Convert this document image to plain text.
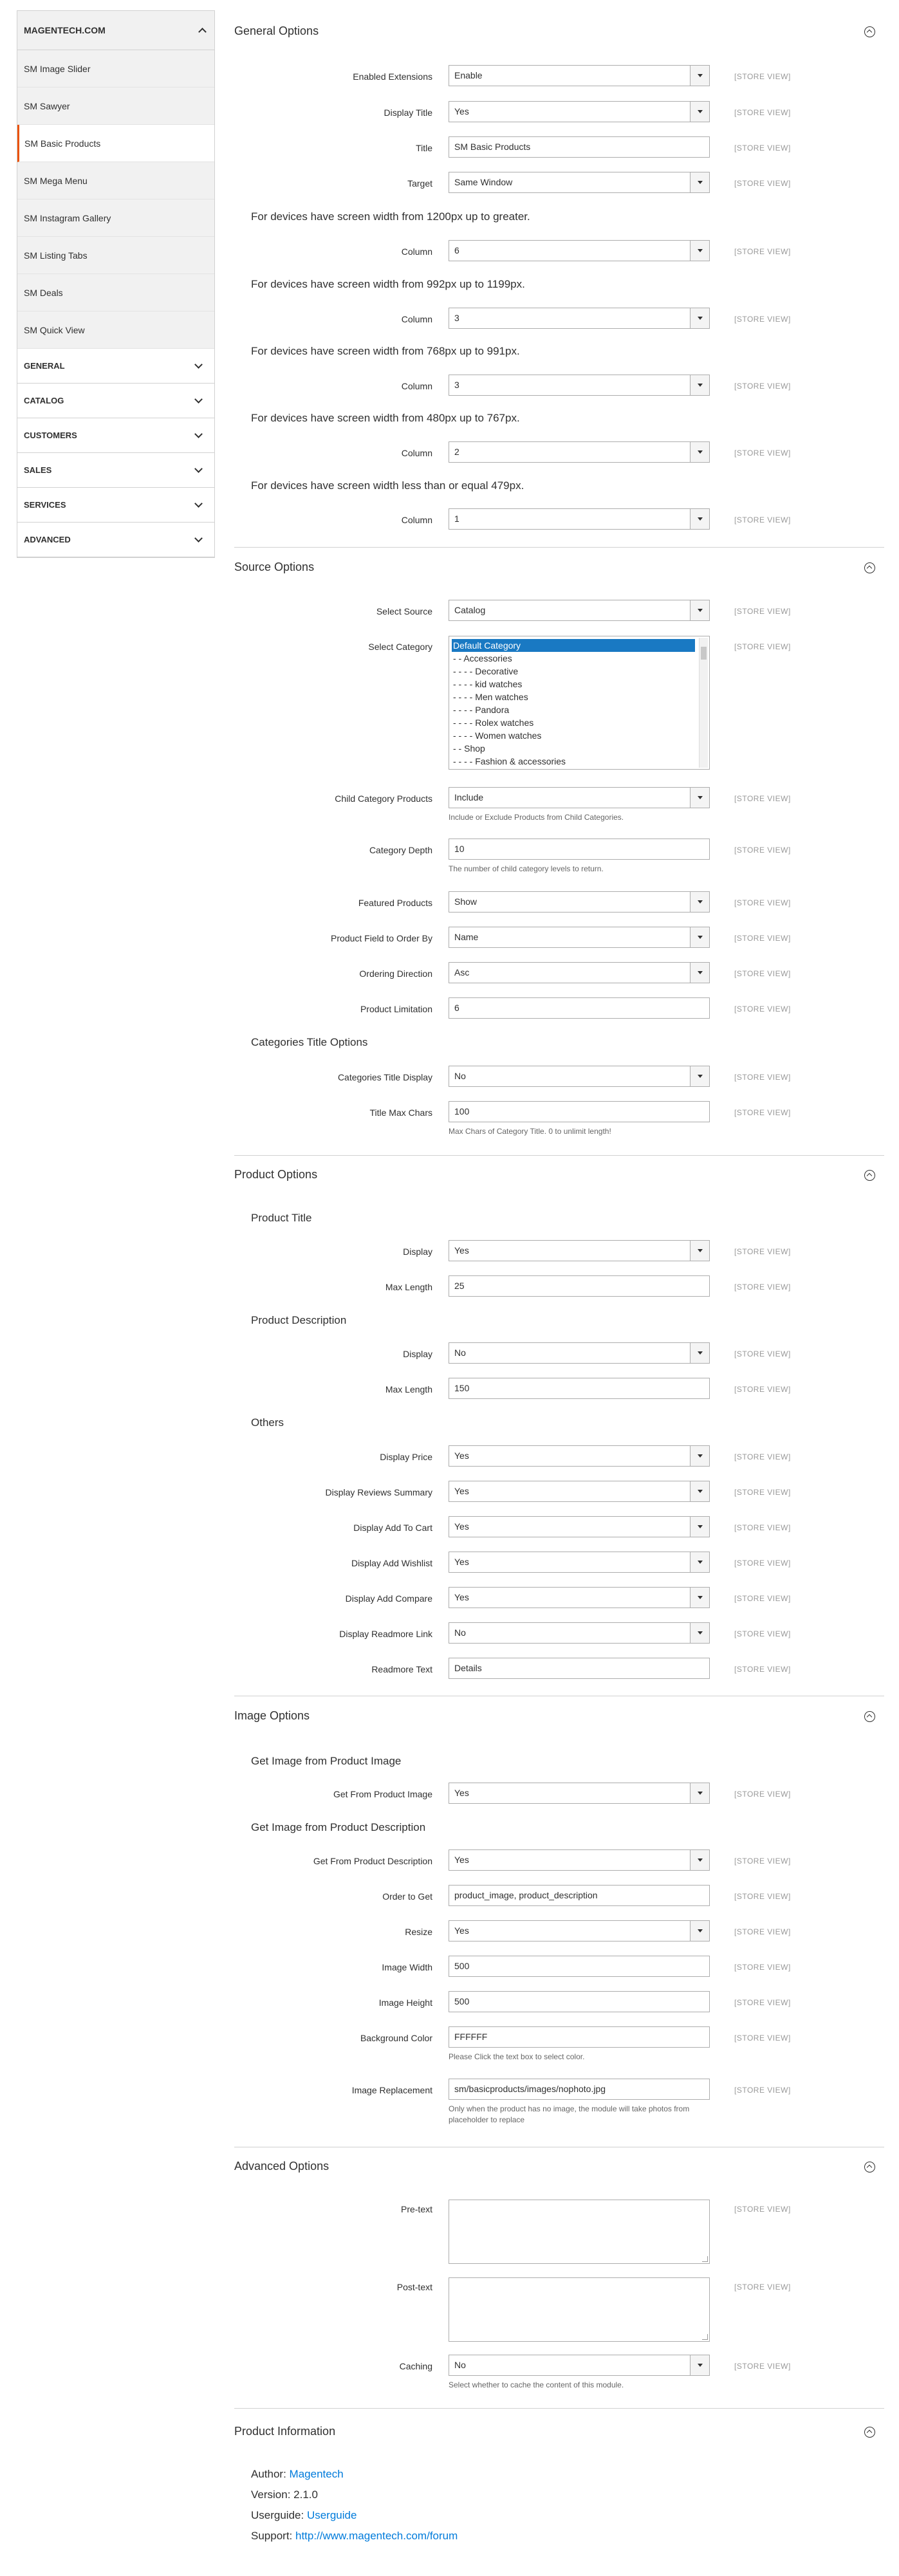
MAGENTECH.COM
SM Image Slider
SM Sawyer
SM Basic Products
SM Mega Menu
SM Instagram Gallery
SM Listing Tabs
SM Deals
SM Quick View
GENERAL
CATALOG
CUSTOMERS
SALES
SERVICES
ADVANCED
General Options
Enabled Extensions	Enable	[STORE VIEW]
Display Title	Yes	[STORE VIEW]
Title	SM Basic Products	[STORE VIEW]
Target	Same Window	[STORE VIEW]
For devices have screen width from 1200px up to greater.
Column	6	[STORE VIEW]
For devices have screen width from 992px up to 1199px.
Column	3	[STORE VIEW]
For devices have screen width from 768px up to 991px.
Column	3	[STORE VIEW]
For devices have screen width from 480px up to 767px.
Column	2	[STORE VIEW]
For devices have screen width less than or equal 479px.
Column	1	[STORE VIEW]
Source Options
Select Source	Catalog	[STORE VIEW]
Select Category	[STORE VIEW]
Default Category
- - Accessories
- - - - Decorative
- - - - kid watches
- - - - Men watches
- - - - Pandora
- - - - Rolex watches
- - - - Women watches
- - Shop
- - - - Fashion & accessories
Child Category Products	Include	[STORE VIEW]
Include or Exclude Products from Child Categories.
Category Depth	10	[STORE VIEW]
The number of child category levels to return.
Featured Products	Show	[STORE VIEW]
Product Field to Order By	Name	[STORE VIEW]
Ordering Direction	Asc	[STORE VIEW]
Product Limitation	6	[STORE VIEW]
Categories Title Options
Categories Title Display	No	[STORE VIEW]
Title Max Chars	100	[STORE VIEW]
Max Chars of Category Title. 0 to unlimit length!
Product Options
Product Title
Display	Yes	[STORE VIEW]
Max Length	25	[STORE VIEW]
Product Description
Display	No	[STORE VIEW]
Max Length	150	[STORE VIEW]
Others
Display Price	Yes	[STORE VIEW]
Display Reviews Summary	Yes	[STORE VIEW]
Display Add To Cart	Yes	[STORE VIEW]
Display Add Wishlist	Yes	[STORE VIEW]
Display Add Compare	Yes	[STORE VIEW]
Display Readmore Link	No	[STORE VIEW]
Readmore Text	Details	[STORE VIEW]
Image Options
Get Image from Product Image
Get From Product Image	Yes	[STORE VIEW]
Get Image from Product Description
Get From Product Description	Yes	[STORE VIEW]
Order to Get	product_image, product_description	[STORE VIEW]
Resize	Yes	[STORE VIEW]
Image Width	500	[STORE VIEW]
Image Height	500	[STORE VIEW]
Background Color	FFFFFF	[STORE VIEW]
Please Click the text box to select color.
Image Replacement	sm/basicproducts/images/nophoto.jpg	[STORE VIEW]
Only when the product has no image, the module will take photos from placeholder to replace
Advanced Options
Pre-text	[STORE VIEW]
Post-text	[STORE VIEW]
Caching	No	[STORE VIEW]
Select whether to cache the content of this module.
Product Information
Author: Magentech
Version: 2.1.0
Userguide: Userguide
Support: http://www.magentech.com/forum
